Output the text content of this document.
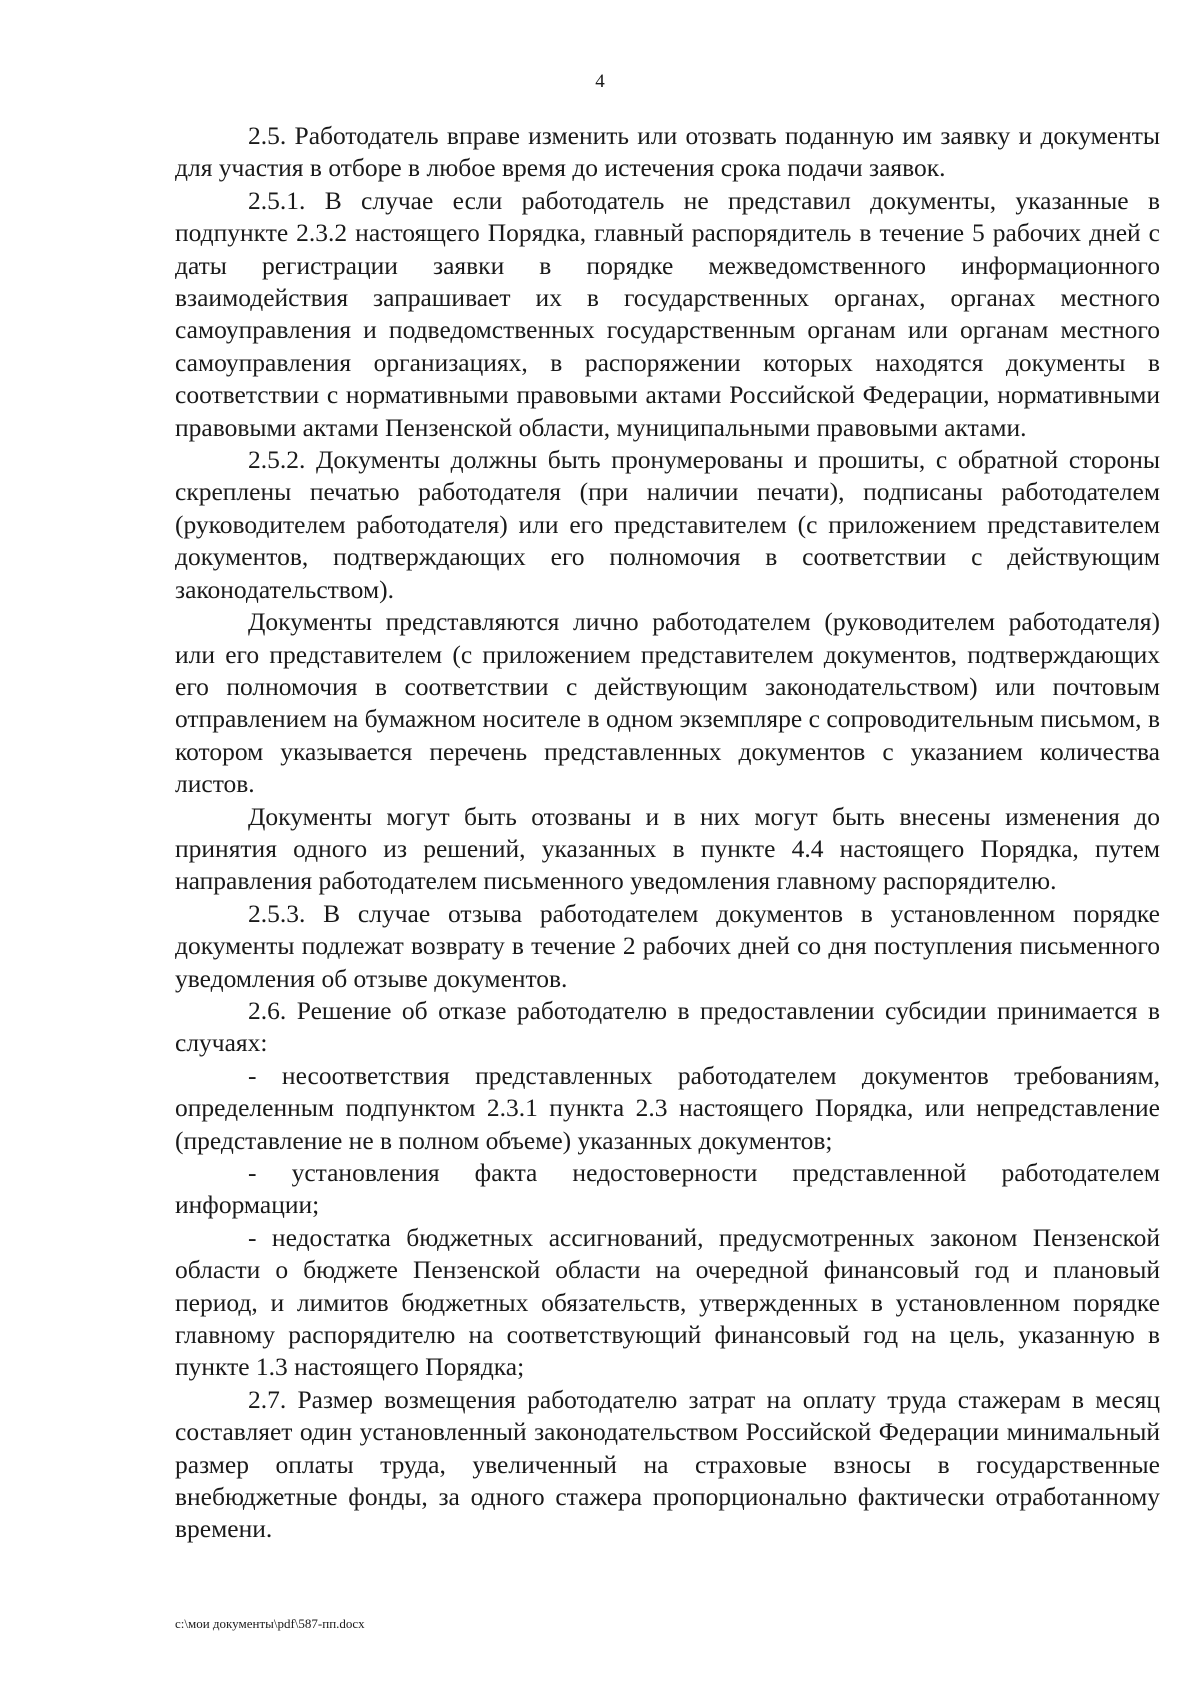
4

2.5. Работодатель вправе изменить или отозвать поданную им заявку и документы для участия в отборе в любое время до истечения срока подачи заявок.

2.5.1. В случае если работодатель не представил документы, указанные в подпункте 2.3.2 настоящего Порядка, главный распорядитель в течение 5 рабочих дней с даты регистрации заявки в порядке межведомственного информационного взаимодействия запрашивает их в государственных органах, органах местного самоуправления и подведомственных государственным органам или органам местного самоуправления организациях, в распоряжении которых находятся документы в соответствии с нормативными правовыми актами Российской Федерации, нормативными правовыми актами Пензенской области, муниципальными правовыми актами.

2.5.2. Документы должны быть пронумерованы и прошиты, с обратной стороны скреплены печатью работодателя (при наличии печати), подписаны работодателем (руководителем работодателя) или его представителем (с приложением представителем документов, подтверждающих его полномочия в соответствии с действующим законодательством).

Документы представляются лично работодателем (руководителем работодателя) или его представителем (с приложением представителем документов, подтверждающих его полномочия в соответствии с действующим законодательством) или почтовым отправлением на бумажном носителе в одном экземпляре с сопроводительным письмом, в котором указывается перечень представленных документов с указанием количества листов.

Документы могут быть отозваны и в них могут быть внесены изменения до принятия одного из решений, указанных в пункте 4.4 настоящего Порядка, путем направления работодателем письменного уведомления главному распорядителю.

2.5.3. В случае отзыва работодателем документов в установленном порядке документы подлежат возврату в течение 2 рабочих дней со дня поступления письменного уведомления об отзыве документов.

2.6. Решение об отказе работодателю в предоставлении субсидии принимается в случаях:

- несоответствия представленных работодателем документов требованиям, определенным подпунктом 2.3.1 пункта 2.3 настоящего Порядка, или непредставление (представление не в полном объеме) указанных документов;

- установления факта недостоверности представленной работодателем информации;

- недостатка бюджетных ассигнований, предусмотренных законом Пензенской области о бюджете Пензенской области на очередной финансовый год и плановый период, и лимитов бюджетных обязательств, утвержденных в установленном порядке главному распорядителю на соответствующий финансовый год на цель, указанную в пункте 1.3 настоящего Порядка;

2.7. Размер возмещения работодателю затрат на оплату труда стажерам в месяц составляет один установленный законодательством Российской Федерации минимальный размер оплаты труда, увеличенный на страховые взносы в государственные внебюджетные фонды, за одного стажера пропорционально фактически отработанному времени.

c:\мои документы\pdf\587-пп.docx
